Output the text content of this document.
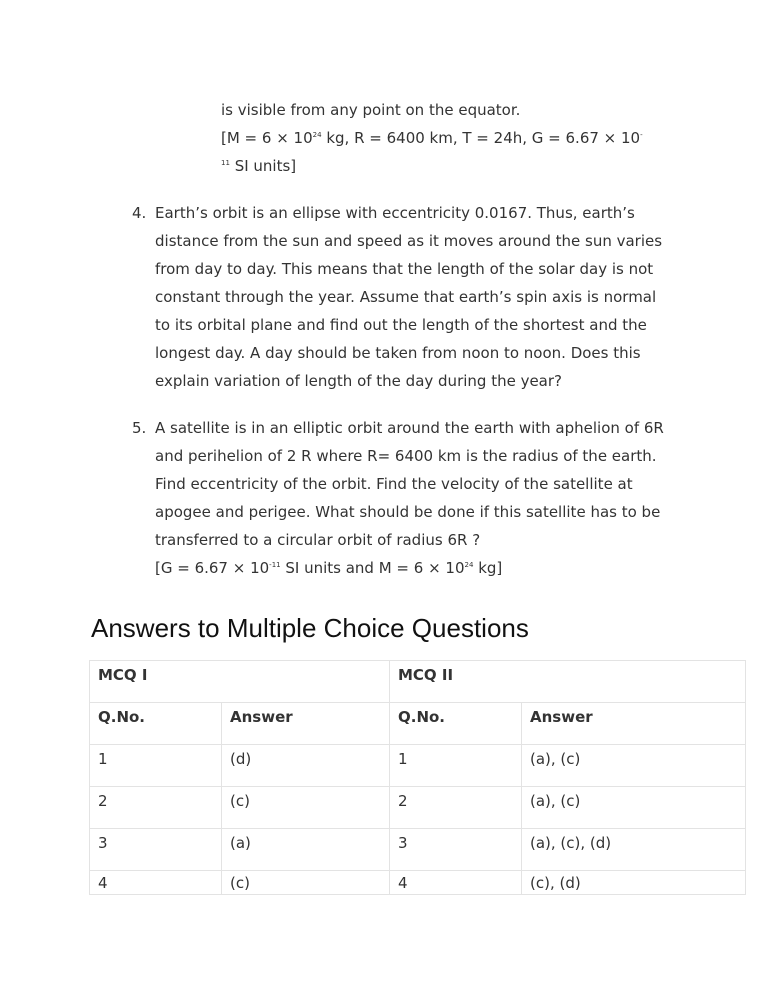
is visible from any point on the equator.
[$M = 6 \times 10^{24}$ kg, R = 6400 km, T = 24h, G = 6.67 × 10-
$^{11}$ SI units]
4. Earth’s orbit is an ellipse with eccentricity 0.0167. Thus, earth’s
distance from the sun and speed as it moves around the sun varies
from day to day. This means that the length of the solar day is not
constant through the year. Assume that earth’s spin axis is normal
to its orbital plane and find out the length of the shortest and the
longest day. A day should be taken from noon to noon. Does this
explain variation of length of the day during the year?
5. A satellite is in an elliptic orbit around the earth with aphelion of 6R
and perihelion of 2 R where R= 6400 km is the radius of the earth.
Find eccentricity of the orbit. Find the velocity of the satellite at
apogee and perigee. What should be done if this satellite has to be
transferred to a circular orbit of radius 6R ?
[$G = 6.67 \times 10^{-11}$ SI units and $M = 6 \times 10^{24}$ kg]
Answers to Multiple Choice Questions
MCQ I		MCQ II	
Q.No.	Answer	Q.No.	Answer
1	(d)	1	(a), (c)
2	(c)	2	(a), (c)
3	(a)	3	(a), (c), (d)
4	(c)	4	(c), (d)
